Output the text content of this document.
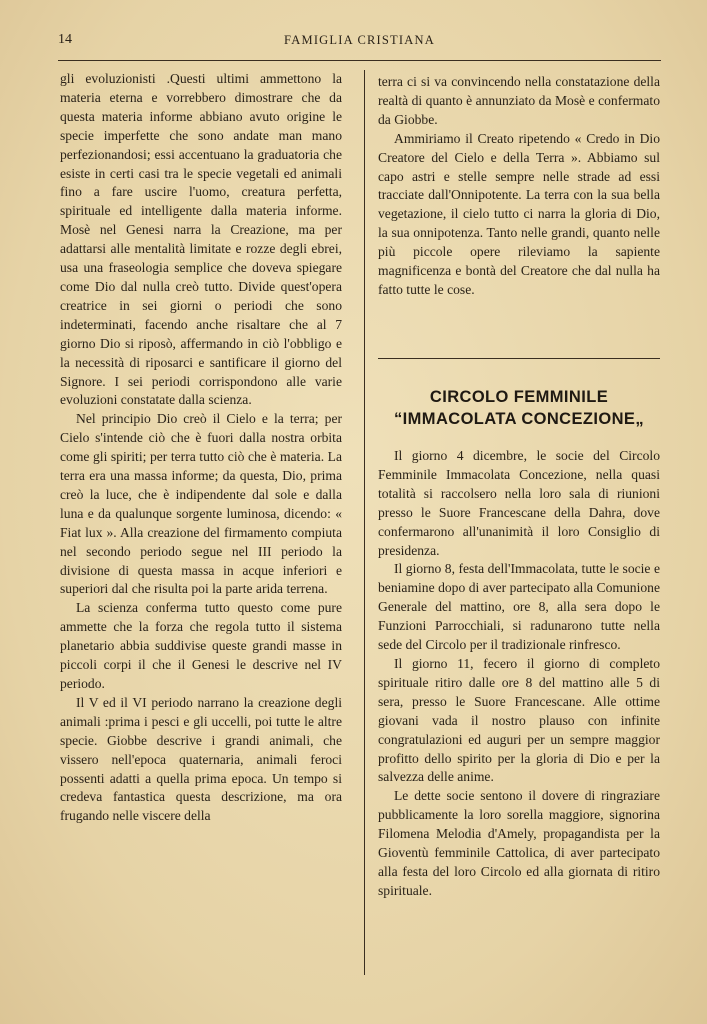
14	FAMIGLIA CRISTIANA

gli evoluzionisti .Questi ultimi ammettono la materia eterna e vorrebbero dimostrare che da questa materia informe abbiano avuto origine le specie imperfette che sono andate man mano perfezionandosi; essi accentuano la graduatoria che esiste in certi casi tra le specie vegetali ed animali fino a fare uscire l'uomo, creatura perfetta, spirituale ed intelligente dalla materia informe. Mosè nel Genesi narra la Creazione, ma per adattarsi alle mentalità limitate e rozze degli ebrei, usa una fraseologia semplice che doveva spiegare come Dio dal nulla creò tutto. Divide quest'opera creatrice in sei giorni o periodi che sono indeterminati, facendo anche risaltare che al 7 giorno Dio si riposò, affermando in ciò l'obbligo e la necessità di riposarci e santificare il giorno del Signore. I sei periodi corrispondono alle varie evoluzioni constatate dalla scienza.

Nel principio Dio creò il Cielo e la terra; per Cielo s'intende ciò che è fuori dalla nostra orbita come gli spiriti; per terra tutto ciò che è materia. La terra era una massa informe; da questa, Dio, prima creò la luce, che è indipendente dal sole e dalla luna e da qualunque sorgente luminosa, dicendo: « Fiat lux ». Alla creazione del firmamento compiuta nel secondo periodo segue nel III periodo la divisione di questa massa in acque inferiori e superiori dal che risulta poi la parte arida terrena.

La scienza conferma tutto questo come pure ammette che la forza che regola tutto il sistema planetario abbia suddivise queste grandi masse in piccoli corpi il che il Genesi le descrive nel IV periodo.

Il V ed il VI periodo narrano la creazione degli animali :prima i pesci e gli uccelli, poi tutte le altre specie. Giobbe descrive i grandi animali, che vissero nell'epoca quaternaria, animali feroci possenti adatti a quella prima epoca. Un tempo si credeva fantastica questa descrizione, ma ora frugando nelle viscere della

terra ci si va convincendo nella constatazione della realtà di quanto è annunziato da Mosè e confermato da Giobbe.

Ammiriamo il Creato ripetendo « Credo in Dio Creatore del Cielo e della Terra ». Abbiamo sul capo astri e stelle sempre nelle strade ad essi tracciate dall'Onnipotente. La terra con la sua bella vegetazione, il cielo tutto ci narra la gloria di Dio, la sua onnipotenza. Tanto nelle grandi, quanto nelle più piccole opere rileviamo la sapiente magnificenza e bontà del Creatore che dal nulla ha fatto tutte le cose.

CIRCOLO FEMMINILE
“IMMACOLATA CONCEZIONE„

Il giorno 4 dicembre, le socie del Circolo Femminile Immacolata Concezione, nella quasi totalità si raccolsero nella loro sala di riunioni presso le Suore Francescane della Dahra, dove confermarono all'unanimità il loro Consiglio di presidenza.

Il giorno 8, festa dell'Immacolata, tutte le socie e beniamine dopo di aver partecipato alla Comunione Generale del mattino, ore 8, alla sera dopo le Funzioni Parrocchiali, si radunarono tutte nella sede del Circolo per il tradizionale rinfresco.

Il giorno 11, fecero il giorno di completo spirituale ritiro dalle ore 8 del mattino alle 5 di sera, presso le Suore Francescane. Alle ottime giovani vada il nostro plauso con infinite congratulazioni ed auguri per un sempre maggior profitto dello spirito per la gloria di Dio e per la salvezza delle anime.

Le dette socie sentono il dovere di ringraziare pubblicamente la loro sorella maggiore, signorina Filomena Melodia d'Amely, propagandista per la Gioventù femminile Cattolica, di aver partecipato alla festa del loro Circolo ed alla giornata di ritiro spirituale.
